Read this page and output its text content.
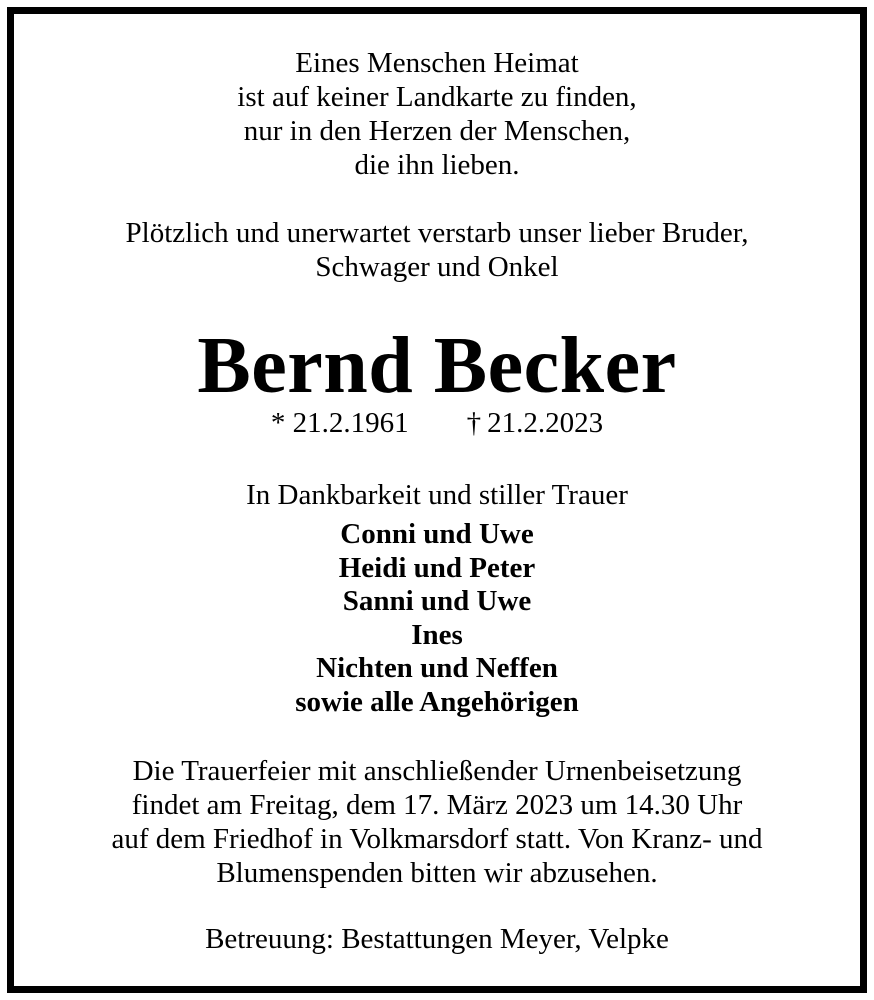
Eines Menschen Heimat
ist auf keiner Landkarte zu finden,
nur in den Herzen der Menschen,
die ihn lieben.
Plötzlich und unerwartet verstarb unser lieber Bruder,
Schwager und Onkel
Bernd Becker
* 21.2.1961 † 21.2.2023
In Dankbarkeit und stiller Trauer
Conni und Uwe
Heidi und Peter
Sanni und Uwe
Ines
Nichten und Neffen
sowie alle Angehörigen
Die Trauerfeier mit anschließender Urnenbeisetzung
findet am Freitag, dem 17. März 2023 um 14.30 Uhr
auf dem Friedhof in Volkmarsdorf statt. Von Kranz- und
Blumenspenden bitten wir abzusehen.
Betreuung: Bestattungen Meyer, Velpke
